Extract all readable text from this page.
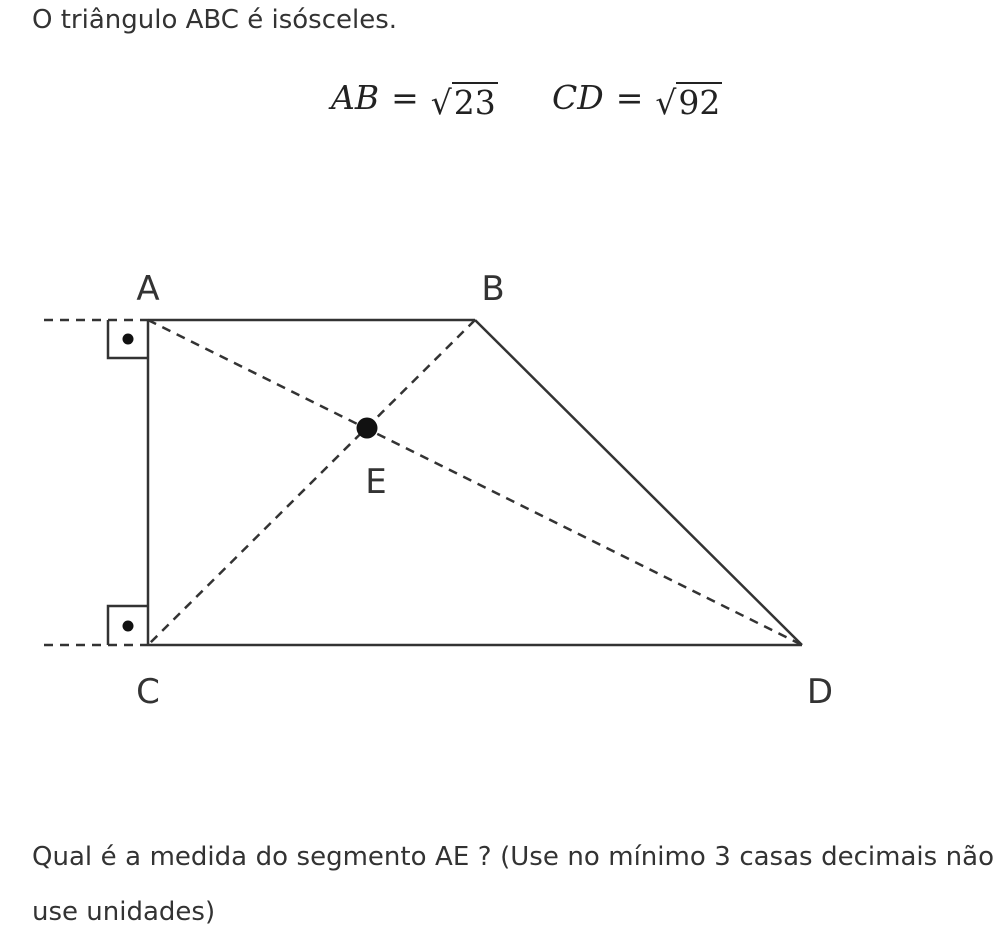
O triângulo ABC é isósceles.
AB = √23 CD = √92
A	B
C	D
E
Qual é a medida do segmento AE ? (Use no mínimo 3 casas decimais não use unidades)
